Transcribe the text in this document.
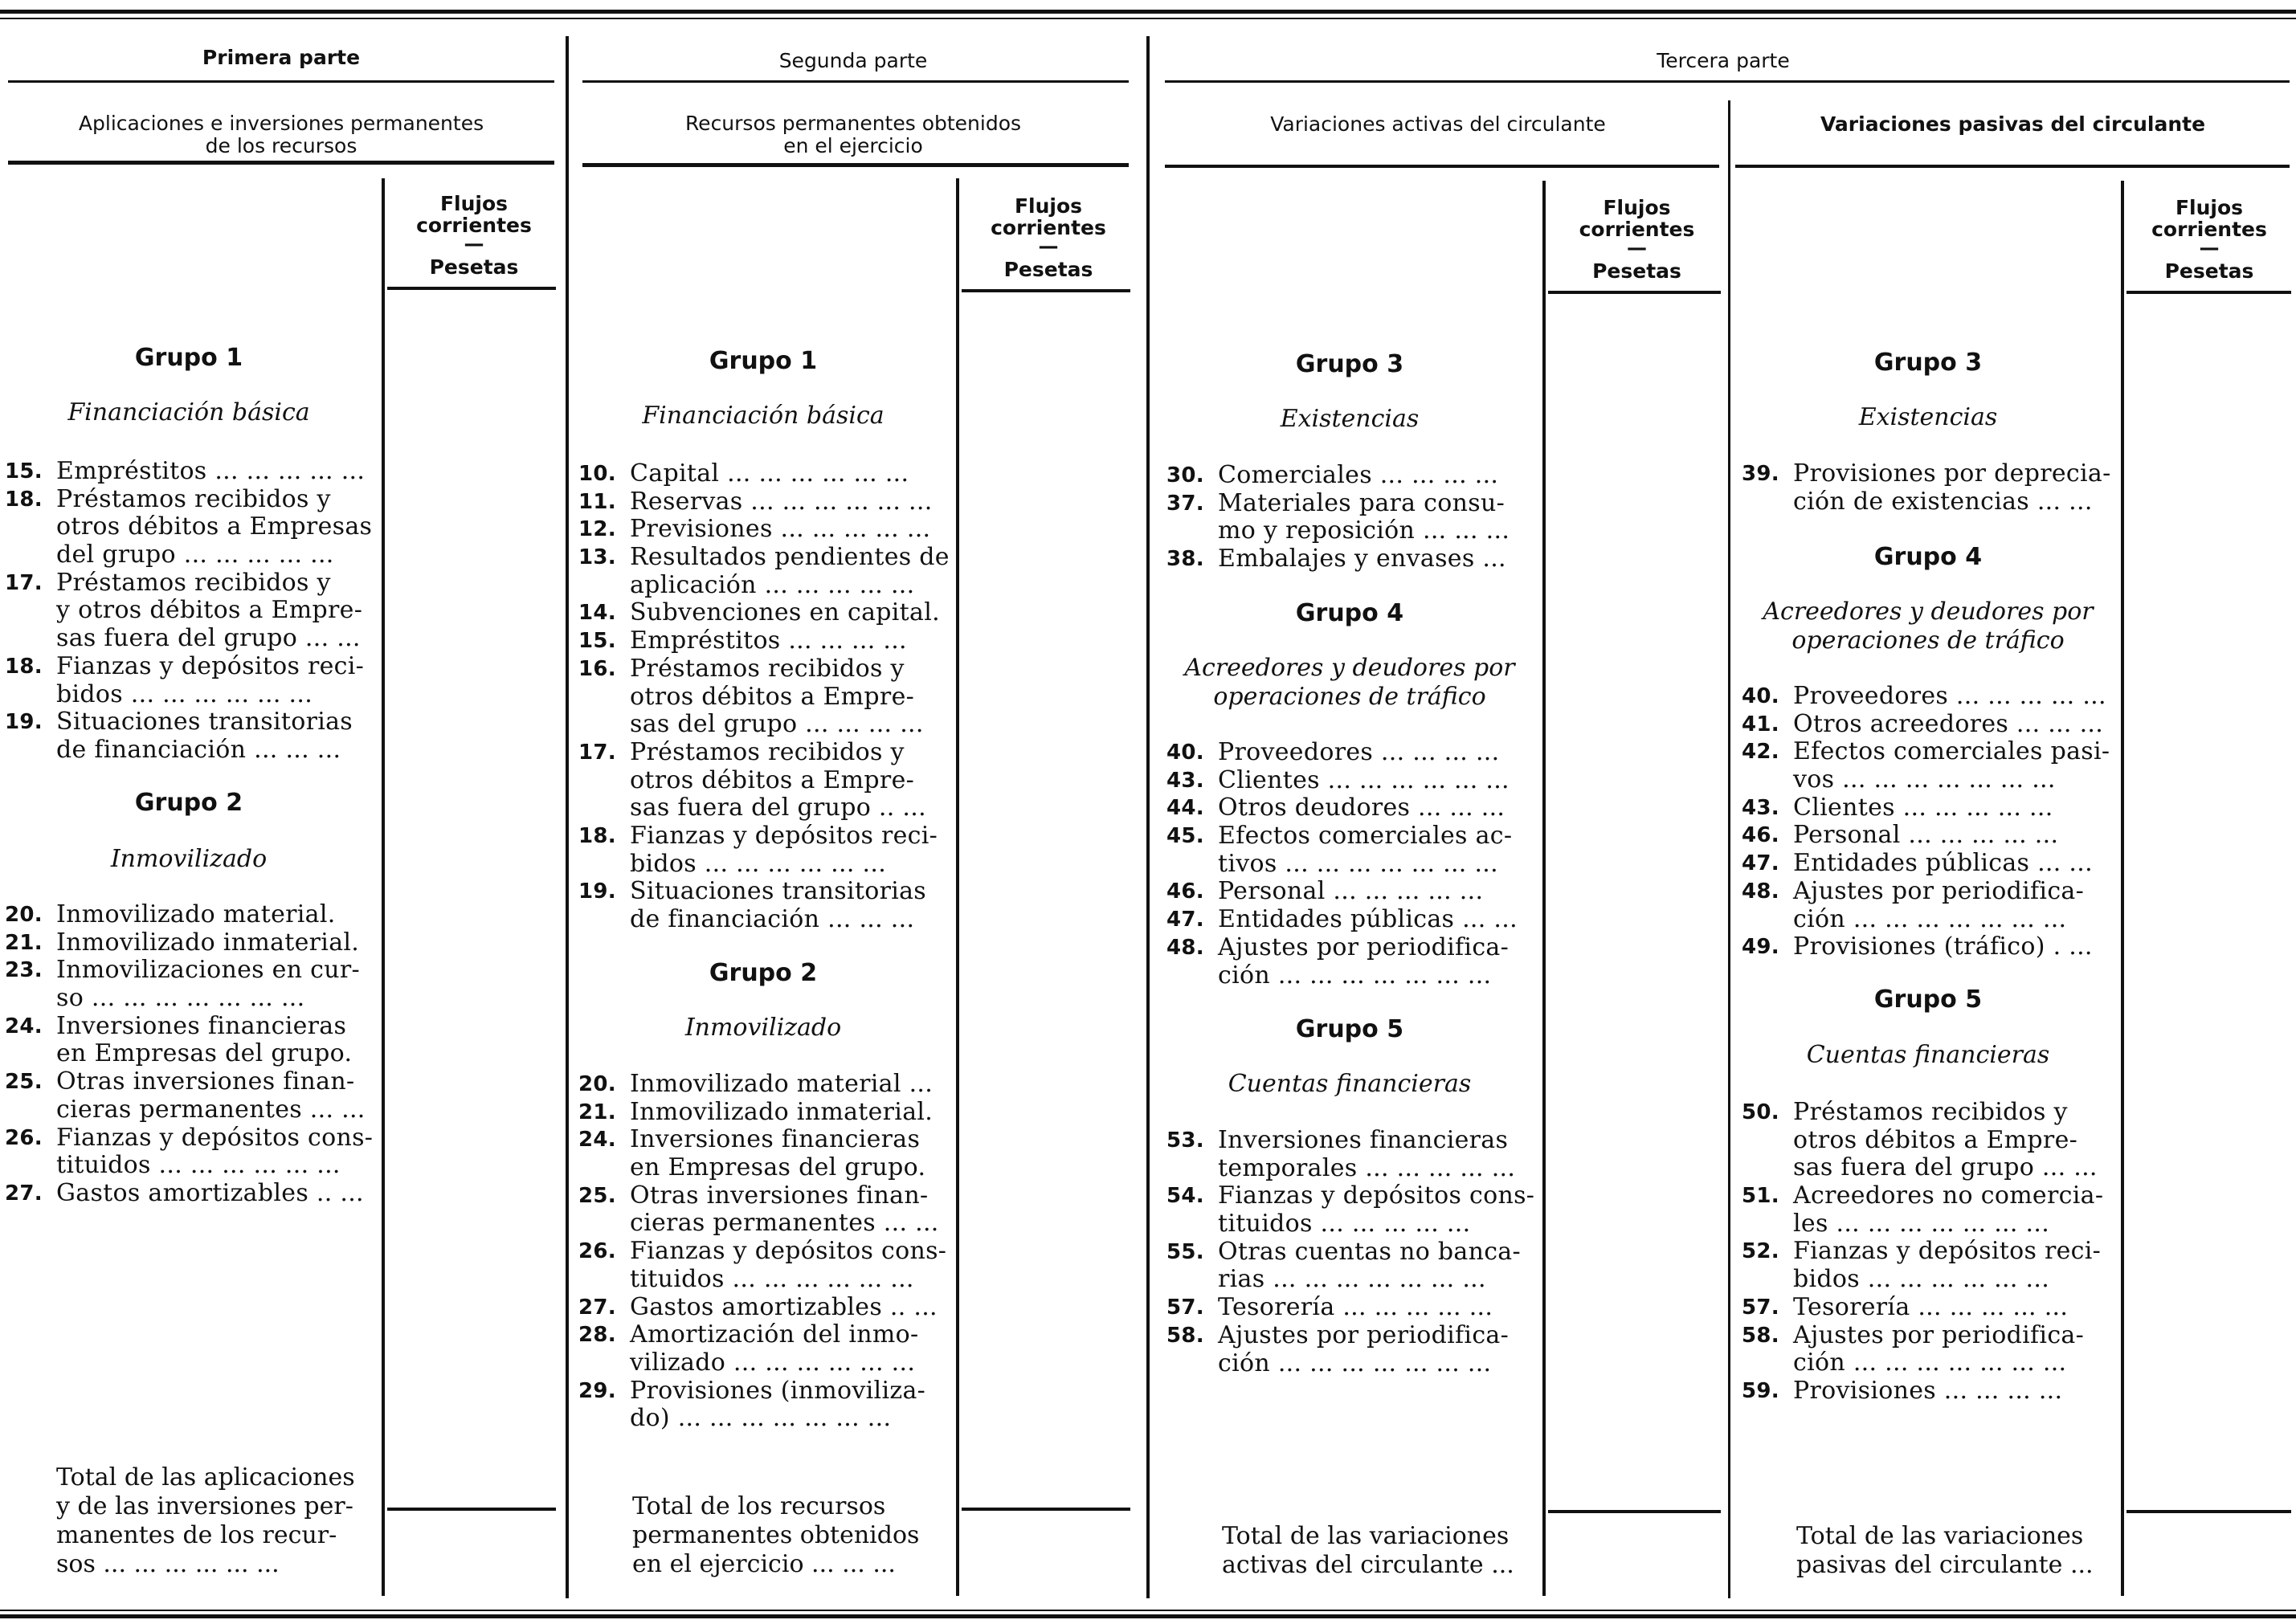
Primera parte	Segunda parte	Tercera parte
Aplicaciones e inversiones permanentes
de los recursos
Recursos permanentes obtenidos
en el ejercicio
Variaciones activas del circulante	Variaciones pasivas del circulante
Flujos
corrientes
—
Pesetas
Flujos
corrientes
—
Pesetas
Flujos
corrientes
—
Pesetas
Flujos
corrientes
—
Pesetas
Grupo 1
Financiación básica
15. Empréstitos ... ... ... ... ...
18. Préstamos recibidos y
otros débitos a Empresas
del grupo ... ... ... ... ...
17. Préstamos recibidos y
y otros débitos a Empre-
sas fuera del grupo ... ...
18. Fianzas y depósitos reci-
bidos ... ... ... ... ... ...
19. Situaciones transitorias
de financiación ... ... ...
Grupo 2
Inmovilizado
20. Inmovilizado material.
21. Inmovilizado inmaterial.
23. Inmovilizaciones en cur-
so ... ... ... ... ... ... ...
24. Inversiones financieras
en Empresas del grupo.
25. Otras inversiones finan-
cieras permanentes ... ...
26. Fianzas y depósitos cons-
tituidos ... ... ... ... ... ...
27. Gastos amortizables .. ...
Total de las aplicaciones
y de las inversiones per-
manentes de los recur-
sos ... ... ... ... ... ...
Grupo 1
Financiación básica
10. Capital ... ... ... ... ... ...
11. Reservas ... ... ... ... ... ...
12. Previsiones ... ... ... ... ...
13. Resultados pendientes de
aplicación ... ... ... ... ...
14. Subvenciones en capital.
15. Empréstitos ... ... ... ...
16. Préstamos recibidos y
otros débitos a Empre-
sas del grupo ... ... ... ...
17. Préstamos recibidos y
otros débitos a Empre-
sas fuera del grupo .. ...
18. Fianzas y depósitos reci-
bidos ... ... ... ... ... ...
19. Situaciones transitorias
de financiación ... ... ...
Grupo 2
Inmovilizado
20. Inmovilizado material ...
21. Inmovilizado inmaterial.
24. Inversiones financieras
en Empresas del grupo.
25. Otras inversiones finan-
cieras permanentes ... ...
26. Fianzas y depósitos cons-
tituidos ... ... ... ... ... ...
27. Gastos amortizables .. ...
28. Amortización del inmo-
vilizado ... ... ... ... ... ...
29. Provisiones (inmoviliza-
do) ... ... ... ... ... ... ...
Total de los recursos
permanentes obtenidos
en el ejercicio ... ... ...
Grupo 3
Existencias
30. Comerciales ... ... ... ...
37. Materiales para consu-
mo y reposición ... ... ...
38. Embalajes y envases ...
Grupo 4
Acreedores y deudores por
operaciones de tráfico
40. Proveedores ... ... ... ...
43. Clientes ... ... ... ... ... ...
44. Otros deudores ... ... ...
45. Efectos comerciales ac-
tivos ... ... ... ... ... ... ...
46. Personal ... ... ... ... ...
47. Entidades públicas ... ...
48. Ajustes por periodifica-
ción ... ... ... ... ... ... ...
Grupo 5
Cuentas financieras
53. Inversiones financieras
temporales ... ... ... ... ...
54. Fianzas y depósitos cons-
tituidos ... ... ... ... ...
55. Otras cuentas no banca-
rias ... ... ... ... ... ... ...
57. Tesorería ... ... ... ... ...
58. Ajustes por periodifica-
ción ... ... ... ... ... ... ...
Total de las variaciones
activas del circulante ...
Grupo 3
Existencias
39. Provisiones por deprecia-
ción de existencias ... ...
Grupo 4
Acreedores y deudores por
operaciones de tráfico
40. Proveedores ... ... ... ... ...
41. Otros acreedores ... ... ...
42. Efectos comerciales pasi-
vos ... ... ... ... ... ... ...
43. Clientes ... ... ... ... ...
46. Personal ... ... ... ... ...
47. Entidades públicas ... ...
48. Ajustes por periodifica-
ción ... ... ... ... ... ... ...
49. Provisiones (tráfico) . ...
Grupo 5
Cuentas financieras
50. Préstamos recibidos y
otros débitos a Empre-
sas fuera del grupo ... ...
51. Acreedores no comercia-
les ... ... ... ... ... ... ...
52. Fianzas y depósitos reci-
bidos ... ... ... ... ... ...
57. Tesorería ... ... ... ... ...
58. Ajustes por periodifica-
ción ... ... ... ... ... ... ...
59. Provisiones ... ... ... ...
Total de las variaciones
pasivas del circulante ...
